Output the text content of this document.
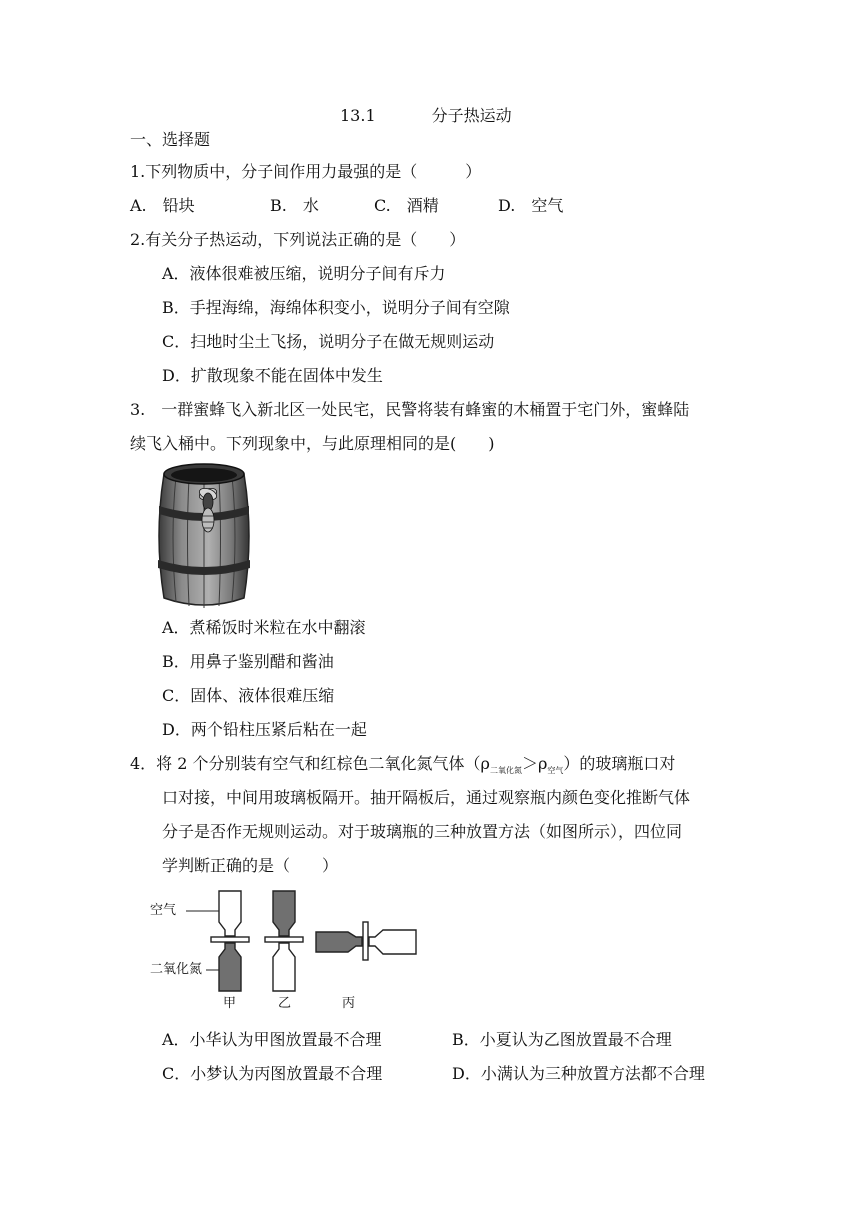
13.1	分子热运动
一、选择题
1.下列物质中，分子间作用力最强的是（　　　）
A.　铅块	B.　水	C.　酒精	D.　空气
2.有关分子热运动，下列说法正确的是（　　）
A．液体很难被压缩，说明分子间有斥力
B．手捏海绵，海绵体积变小，说明分子间有空隙
C．扫地时尘土飞扬，说明分子在做无规则运动
D．扩散现象不能在固体中发生
3.　一群蜜蜂飞入新北区一处民宅，民警将装有蜂蜜的木桶置于宅门外，蜜蜂陆
续飞入桶中。下列现象中，与此原理相同的是(　　)
A．煮稀饭时米粒在水中翻滚
B．用鼻子鉴别醋和酱油
C．固体、液体很难压缩
D．两个铅柱压紧后粘在一起
4．将 2 个分别装有空气和红棕色二氧化氮气体$(\rho_{二氧化氮}>\rho_{空气})$的玻璃瓶口对
口对接，中间用玻璃板隔开。抽开隔板后，通过观察瓶内颜色变化推断气体
分子是否作无规则运动。对于玻璃瓶的三种放置方法（如图所示），四位同
学判断正确的是（　　）
空气
二氧化氮
甲	乙	丙
A．小华认为甲图放置最不合理	B．小夏认为乙图放置最不合理
C．小梦认为丙图放置最不合理	D．小满认为三种放置方法都不合理
